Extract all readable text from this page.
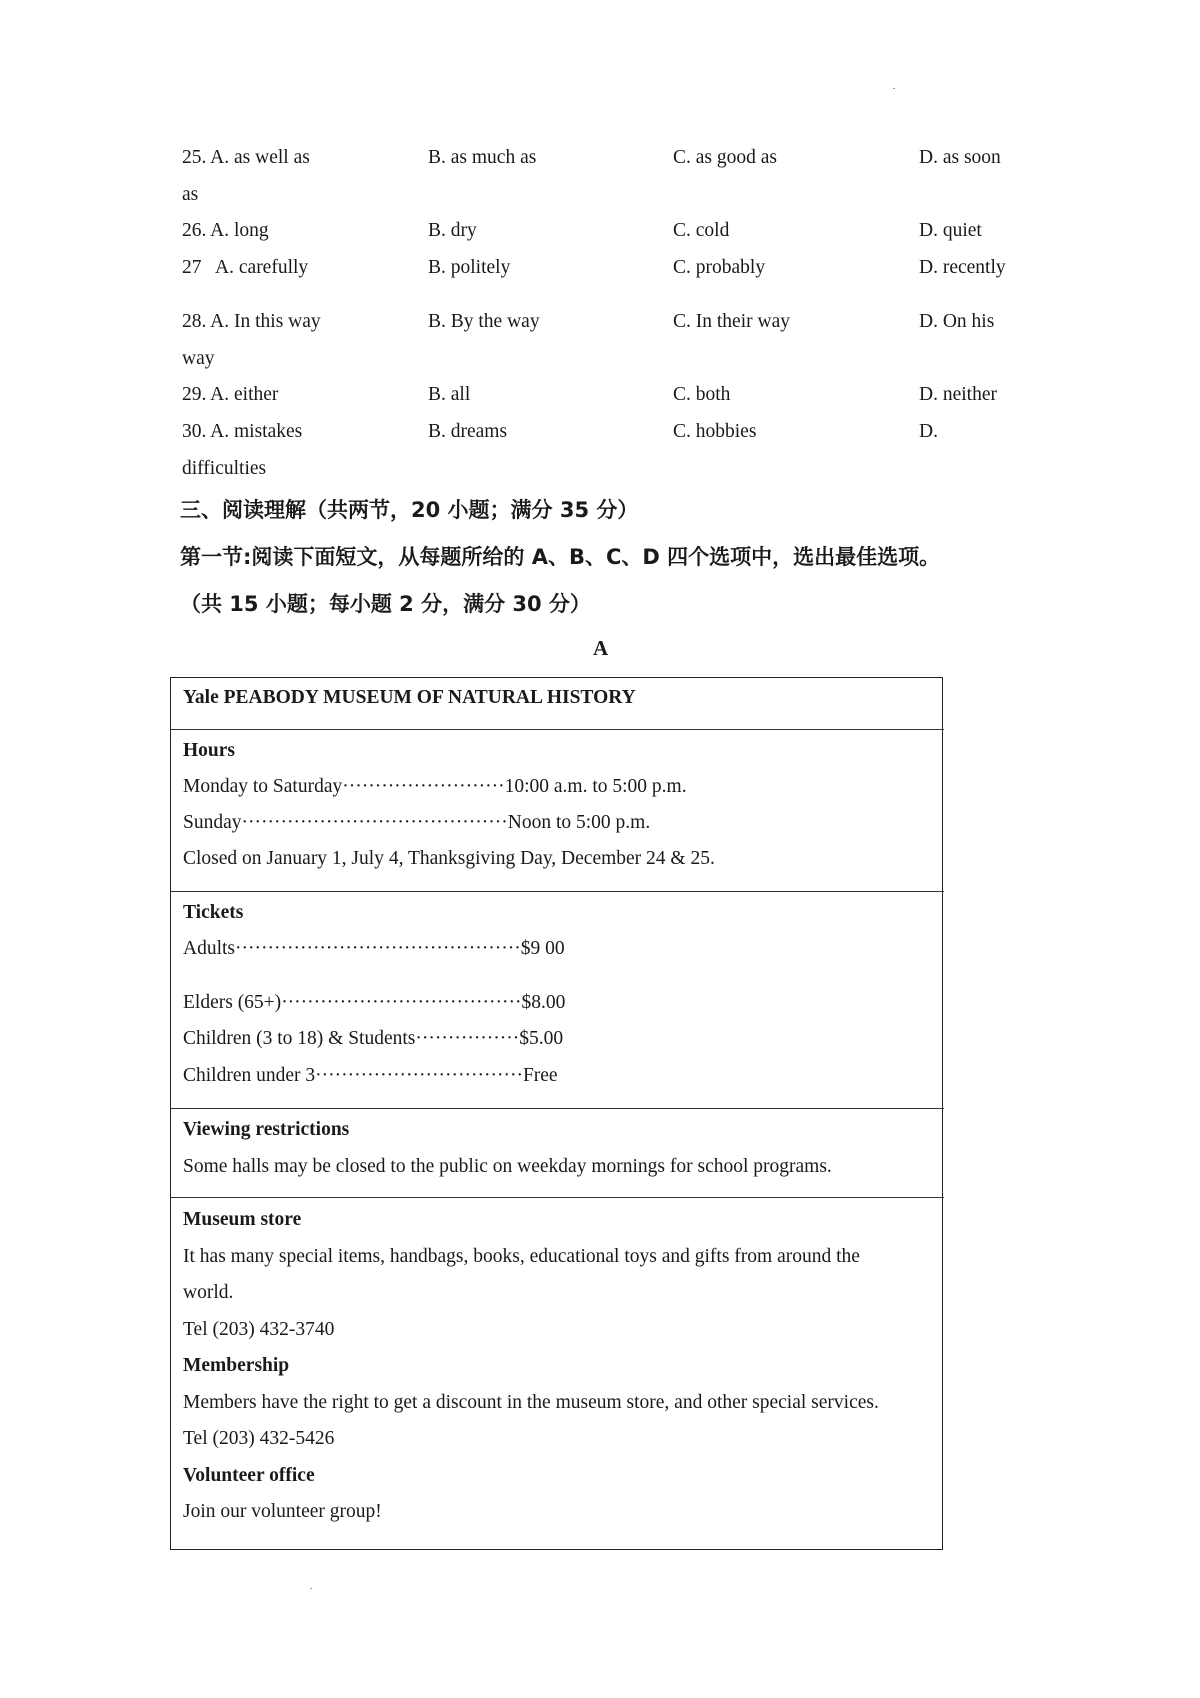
25. A. as well as	B. as much as	C. as good as	D. as soon
as
26. A. long	B. dry	C. cold	D. quiet
27   A. carefully	B. politely	C. probably	D. recently
28. A. In this way	B. By the way	C. In their way	D. On his
way
29. A. either	B. all	C. both	D. neither
30. A. mistakes	B. dreams	C. hobbies	D.
difficulties
三、阅读理解（共两节，20 小题；满分 35 分）
第一节:阅读下面短文，从每题所给的 A、B、C、D 四个选项中，选出最佳选项。
（共 15 小题；每小题 2 分，满分 30 分）
A
Yale PEABODY MUSEUM OF NATURAL HISTORY
Hours
Monday to Saturday·························10:00 a.m. to 5:00 p.m.
Sunday·········································Noon to 5:00 p.m.
Closed on January 1, July 4, Thanksgiving Day, December 24 & 25.
Tickets
Adults············································$9 00
Elders (65+)·····································$8.00
Children (3 to 18) & Students················$5.00
Children under 3································Free
Viewing restrictions
Some halls may be closed to the public on weekday mornings for school programs.
Museum store
It has many special items, handbags, books, educational toys and gifts from around the
world.
Tel (203) 432-3740
Membership
Members have the right to get a discount in the museum store, and other special services.
Tel (203) 432-5426
Volunteer office
Join our volunteer group!
